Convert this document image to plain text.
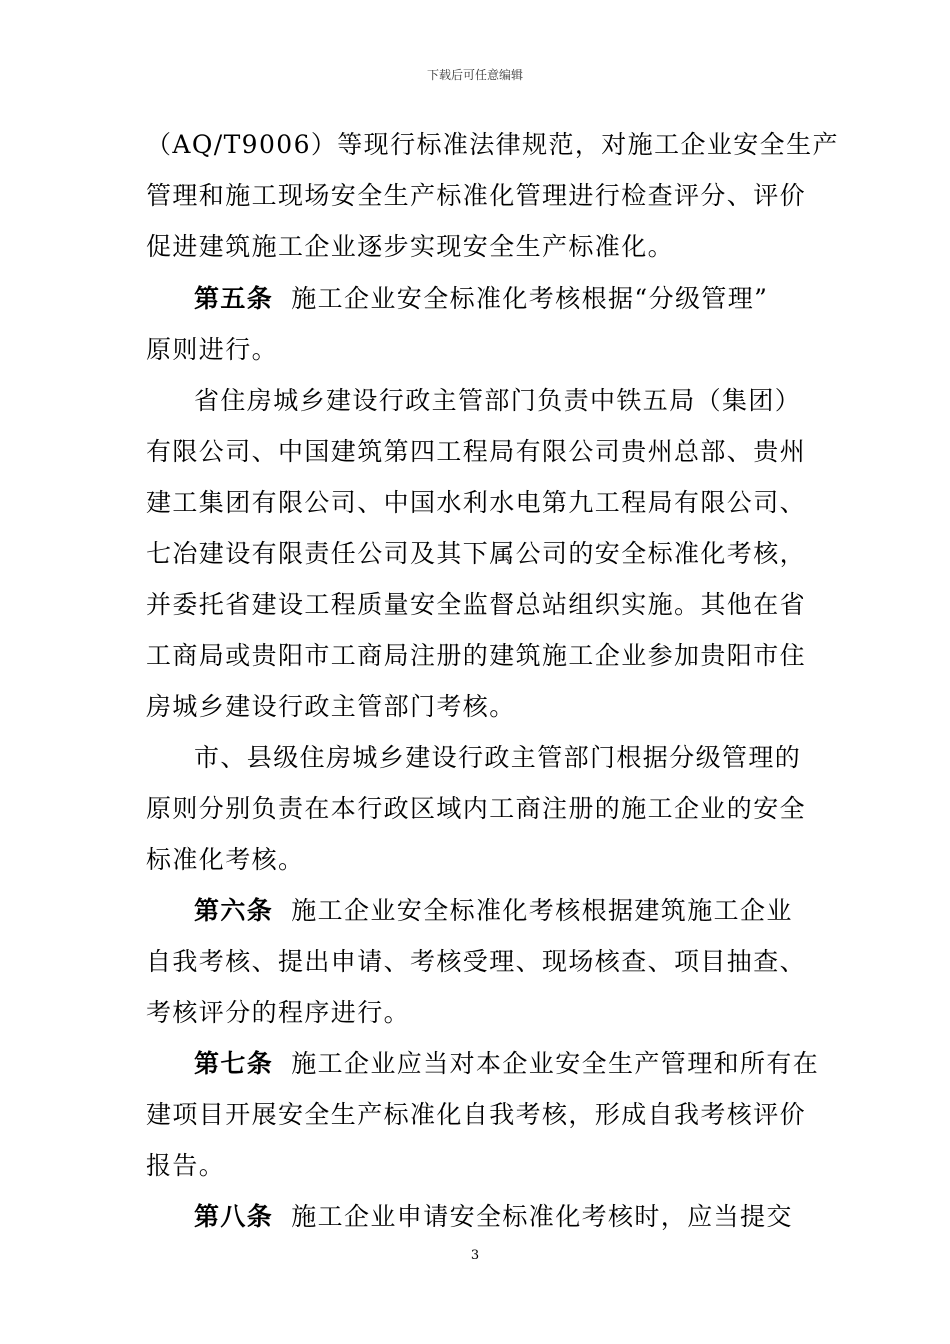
下载后可任意编辑
（AQ/T9006）等现行标准法律规范，对施工企业安全生产
管理和施工现场安全生产标准化管理进行检查评分、评价
促进建筑施工企业逐步实现安全生产标准化。
第五条 施工企业安全标准化考核根据“分级管理”
原则进行。
省住房城乡建设行政主管部门负责中铁五局（集团）
有限公司、中国建筑第四工程局有限公司贵州总部、贵州
建工集团有限公司、中国水利水电第九工程局有限公司、
七冶建设有限责任公司及其下属公司的安全标准化考核，
并委托省建设工程质量安全监督总站组织实施。其他在省
工商局或贵阳市工商局注册的建筑施工企业参加贵阳市住
房城乡建设行政主管部门考核。
市、县级住房城乡建设行政主管部门根据分级管理的
原则分别负责在本行政区域内工商注册的施工企业的安全
标准化考核。
第六条 施工企业安全标准化考核根据建筑施工企业
自我考核、提出申请、考核受理、现场核查、项目抽查、
考核评分的程序进行。
第七条 施工企业应当对本企业安全生产管理和所有在
建项目开展安全生产标准化自我考核，形成自我考核评价
报告。
第八条 施工企业申请安全标准化考核时，应当提交
3
